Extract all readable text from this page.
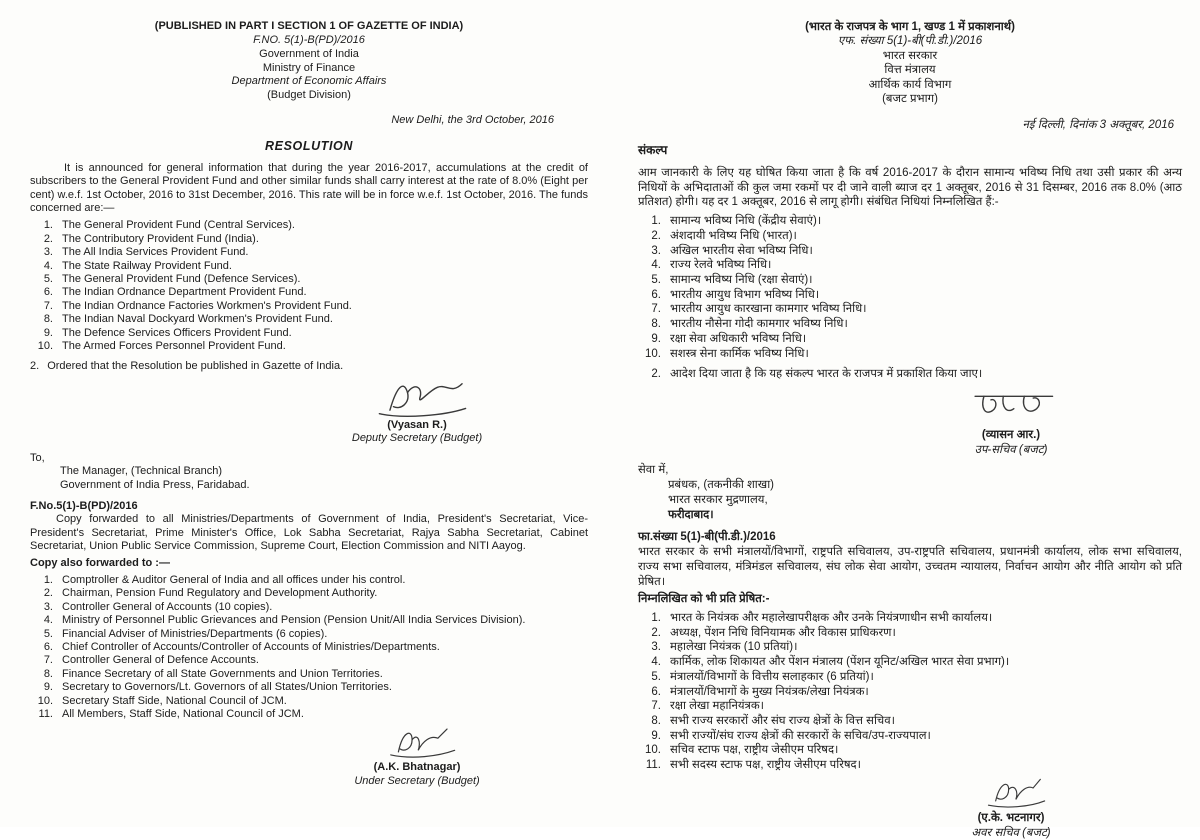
(PUBLISHED IN PART I SECTION 1 OF GAZETTE OF INDIA)
F.NO. 5(1)-B(PD)/2016
Government of India
Ministry of Finance
Department of Economic Affairs
(Budget Division)
New Delhi, the 3rd October, 2016
RESOLUTION
It is announced for general information that during the year 2016-2017, accumulations at the credit of subscribers to the General Provident Fund and other similar funds shall carry interest at the rate of 8.0% (Eight per cent) w.e.f. 1st October, 2016 to 31st December, 2016. This rate will be in force w.e.f. 1st October, 2016. The funds concerned are:—
1. The General Provident Fund (Central Services).
2. The Contributory Provident Fund (India).
3. The All India Services Provident Fund.
4. The State Railway Provident Fund.
5. The General Provident Fund (Defence Services).
6. The Indian Ordnance Department Provident Fund.
7. The Indian Ordnance Factories Workmen's Provident Fund.
8. The Indian Naval Dockyard Workmen's Provident Fund.
9. The Defence Services Officers Provident Fund.
10. The Armed Forces Personnel Provident Fund.
2. Ordered that the Resolution be published in Gazette of India.
(Vyasan R.)
Deputy Secretary (Budget)
To,
The Manager, (Technical Branch)
Government of India Press, Faridabad.
F.No.5(1)-B(PD)/2016
Copy forwarded to all Ministries/Departments of Government of India, President's Secretariat, Vice-President's Secretariat, Prime Minister's Office, Lok Sabha Secretariat, Rajya Sabha Secretariat, Cabinet Secretariat, Union Public Service Commission, Supreme Court, Election Commission and NITI Aayog.
Copy also forwarded to :—
1. Comptroller & Auditor General of India and all offices under his control.
2. Chairman, Pension Fund Regulatory and Development Authority.
3. Controller General of Accounts (10 copies).
4. Ministry of Personnel Public Grievances and Pension (Pension Unit/All India Services Division).
5. Financial Adviser of Ministries/Departments (6 copies).
6. Chief Controller of Accounts/Controller of Accounts of Ministries/Departments.
7. Controller General of Defence Accounts.
8. Finance Secretary of all State Governments and Union Territories.
9. Secretary to Governors/Lt. Governors of all States/Union Territories.
10. Secretary Staff Side, National Council of JCM.
11. All Members, Staff Side, National Council of JCM.
(A.K. Bhatnagar)
Under Secretary (Budget)
(भारत के राजपत्र के भाग 1, खण्ड 1 में प्रकाशनार्थ)
एफ. संख्या 5(1)-बी(पी.डी.)/2016
भारत सरकार
वित्त मंत्रालय
आर्थिक कार्य विभाग
(बजट प्रभाग)
नई दिल्ली, दिनांक 3 अक्तूबर, 2016
संकल्प
आम जानकारी के लिए यह घोषित किया जाता है कि वर्ष 2016-2017 के दौरान सामान्य भविष्य निधि तथा उसी प्रकार की अन्य निधियों के अभिदाताओं की कुल जमा रकमों पर दी जाने वाली ब्याज दर 1 अक्तूबर, 2016 से 31 दिसम्बर, 2016 तक 8.0% (आठ प्रतिशत) होगी। यह दर 1 अक्तूबर, 2016 से लागू होगी। संबंधित निधियां निम्नलिखित हैं:-
1. सामान्य भविष्य निधि (केंद्रीय सेवाएं)।
2. अंशदायी भविष्य निधि (भारत)।
3. अखिल भारतीय सेवा भविष्य निधि।
4. राज्य रेलवे भविष्य निधि।
5. सामान्य भविष्य निधि (रक्षा सेवाएं)।
6. भारतीय आयुध विभाग भविष्य निधि।
7. भारतीय आयुध कारखाना कामगार भविष्य निधि।
8. भारतीय नौसेना गोदी कामगार भविष्य निधि।
9. रक्षा सेवा अधिकारी भविष्य निधि।
10. सशस्त्र सेना कार्मिक भविष्य निधि।
2. आदेश दिया जाता है कि यह संकल्प भारत के राजपत्र में प्रकाशित किया जाए।
(व्यासन आर.)
उप-सचिव (बजट)
सेवा में,
प्रबंधक, (तकनीकी शाखा)
भारत सरकार मुद्रणालय,
फरीदाबाद।
फा.संख्या 5(1)-बी(पी.डी.)/2016
भारत सरकार के सभी मंत्रालयों/विभागों, राष्ट्रपति सचिवालय, उप-राष्ट्रपति सचिवालय, प्रधानमंत्री कार्यालय, लोक सभा सचिवालय, राज्य सभा सचिवालय, मंत्रिमंडल सचिवालय, संघ लोक सेवा आयोग, उच्चतम न्यायालय, निर्वाचन आयोग और नीति आयोग को प्रति प्रेषित।
निम्नलिखित को भी प्रति प्रेषित:-
1. भारत के नियंत्रक और महालेखापरीक्षक और उनके नियंत्रणाधीन सभी कार्यालय।
2. अध्यक्ष, पेंशन निधि विनियामक और विकास प्राधिकरण।
3. महालेखा नियंत्रक (10 प्रतियां)।
4. कार्मिक, लोक शिकायत और पेंशन मंत्रालय (पेंशन यूनिट/अखिल भारत सेवा प्रभाग)।
5. मंत्रालयों/विभागों के वित्तीय सलाहकार (6 प्रतियां)।
6. मंत्रालयों/विभागों के मुख्य नियंत्रक/लेखा नियंत्रक।
7. रक्षा लेखा महानियंत्रक।
8. सभी राज्य सरकारों और संघ राज्य क्षेत्रों के वित्त सचिव।
9. सभी राज्यों/संघ राज्य क्षेत्रों की सरकारों के सचिव/उप-राज्यपाल।
10. सचिव स्टाफ पक्ष, राष्ट्रीय जेसीएम परिषद।
11. सभी सदस्य स्टाफ पक्ष, राष्ट्रीय जेसीएम परिषद।
(ए.के. भटनागर)
अवर सचिव (बजट)
